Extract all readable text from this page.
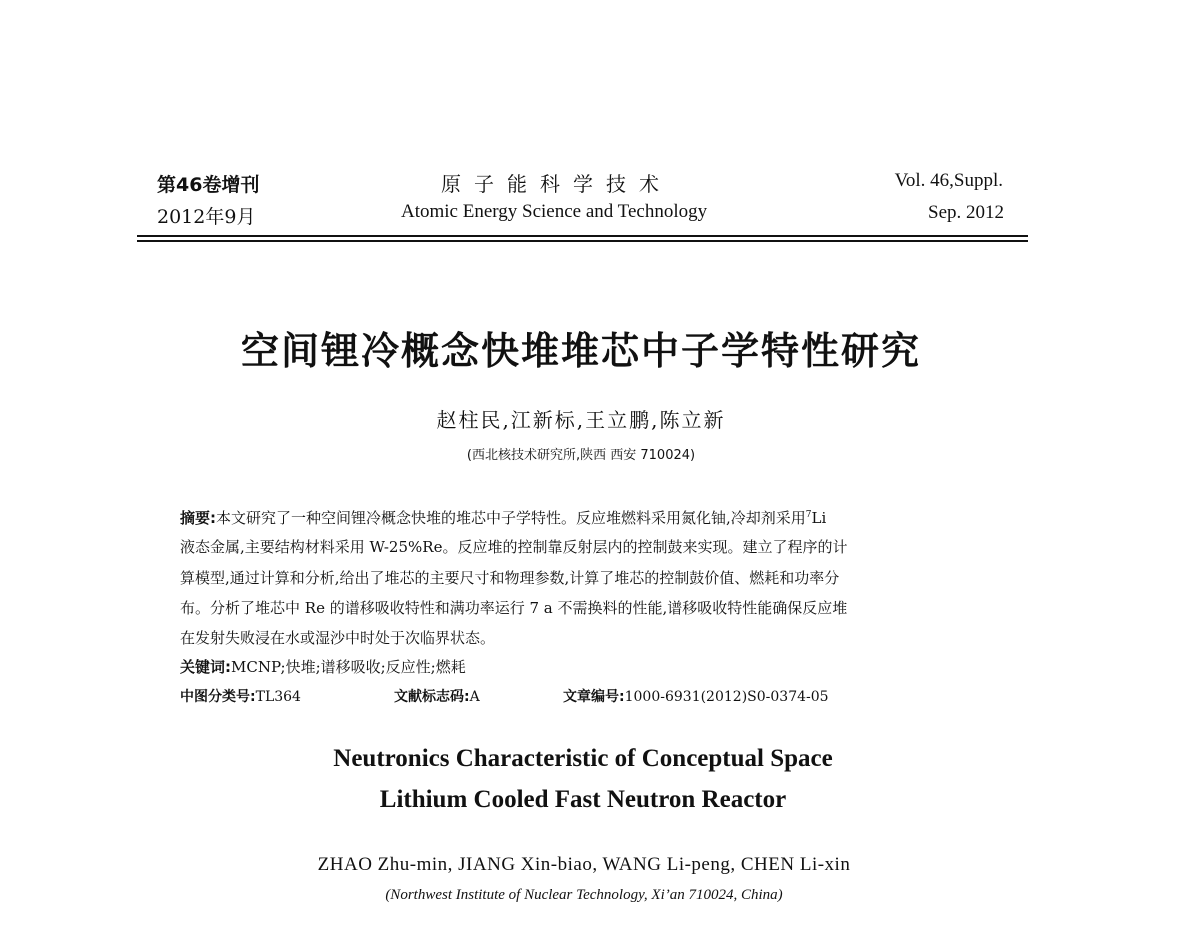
第46卷增刊
2012年9月
原子能科学技术
Atomic Energy Science and Technology
Vol. 46,Suppl.
Sep. 2012
空间锂冷概念快堆堆芯中子学特性研究
赵柱民,江新标,王立鹏,陈立新
(西北核技术研究所,陕西 西安 710024)
摘要:本文研究了一种空间锂冷概念快堆的堆芯中子学特性。反应堆燃料采用氮化铀,冷却剂采用$^7$Li
液态金属,主要结构材料采用 W-25%Re。反应堆的控制靠反射层内的控制鼓来实现。建立了程序的计
算模型,通过计算和分析,给出了堆芯的主要尺寸和物理参数,计算了堆芯的控制鼓价值、燃耗和功率分
布。分析了堆芯中 Re 的谱移吸收特性和满功率运行 7 a 不需换料的性能,谱移吸收特性能确保反应堆
在发射失败浸在水或湿沙中时处于次临界状态。
关键词:MCNP;快堆;谱移吸收;反应性;燃耗
中图分类号:TL364	文献标志码:A	文章编号:1000-6931(2012)S0-0374-05
Neutronics Characteristic of Conceptual Space
Lithium Cooled Fast Neutron Reactor
ZHAO Zhu-min, JIANG Xin-biao, WANG Li-peng, CHEN Li-xin
(Northwest Institute of Nuclear Technology, Xi’an 710024, China)
